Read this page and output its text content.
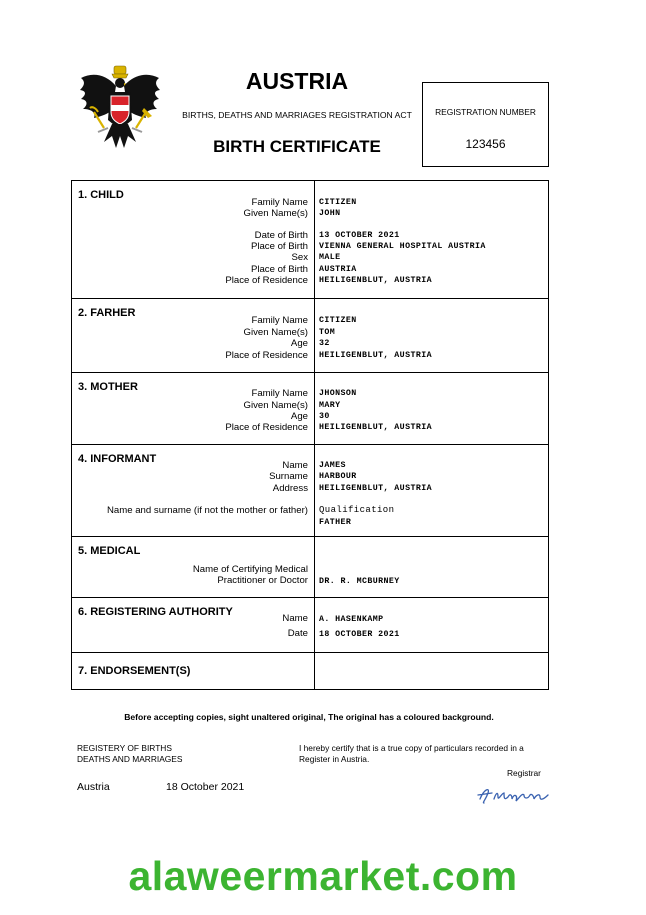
AUSTRIA
BIRTHS, DEATHS AND MARRIAGES REGISTRATION ACT
BIRTH CERTIFICATE
REGISTRATION NUMBER
123456
1. CHILD
Family Name CITIZEN
Given Name(s) JOHN
Date of Birth 13 OCTOBER 2021
Place of Birth VIENNA GENERAL HOSPITAL AUSTRIA
Sex MALE
Place of Birth AUSTRIA
Place of Residence HEILIGENBLUT, AUSTRIA
2. FARHER
Family Name CITIZEN
Given Name(s) TOM
Age 32
Place of Residence HEILIGENBLUT, AUSTRIA
3. MOTHER
Family Name JHONSON
Given Name(s) MARY
Age 30
Place of Residence HEILIGENBLUT, AUSTRIA
4. INFORMANT
Name JAMES
Surname HARBOUR
Address HEILIGENBLUT, AUSTRIA
Name and surname (if not the mother or father) Qualification
FATHER
5. MEDICAL
Name of Certifying Medical
Practitioner or Doctor DR. R. MCBURNEY
6. REGISTERING AUTHORITY
Name A. HASENKAMP
Date 18 OCTOBER 2021
7. ENDORSEMENT(S)
Before accepting copies, sight unaltered original, The original has a coloured background.
REGISTERY OF BIRTHS
DEATHS AND MARRIAGES
I hereby certify that is a true copy of particulars recorded in a
Register in Austria.
Registrar
Austria	18 October 2021
alaweermarket.com
